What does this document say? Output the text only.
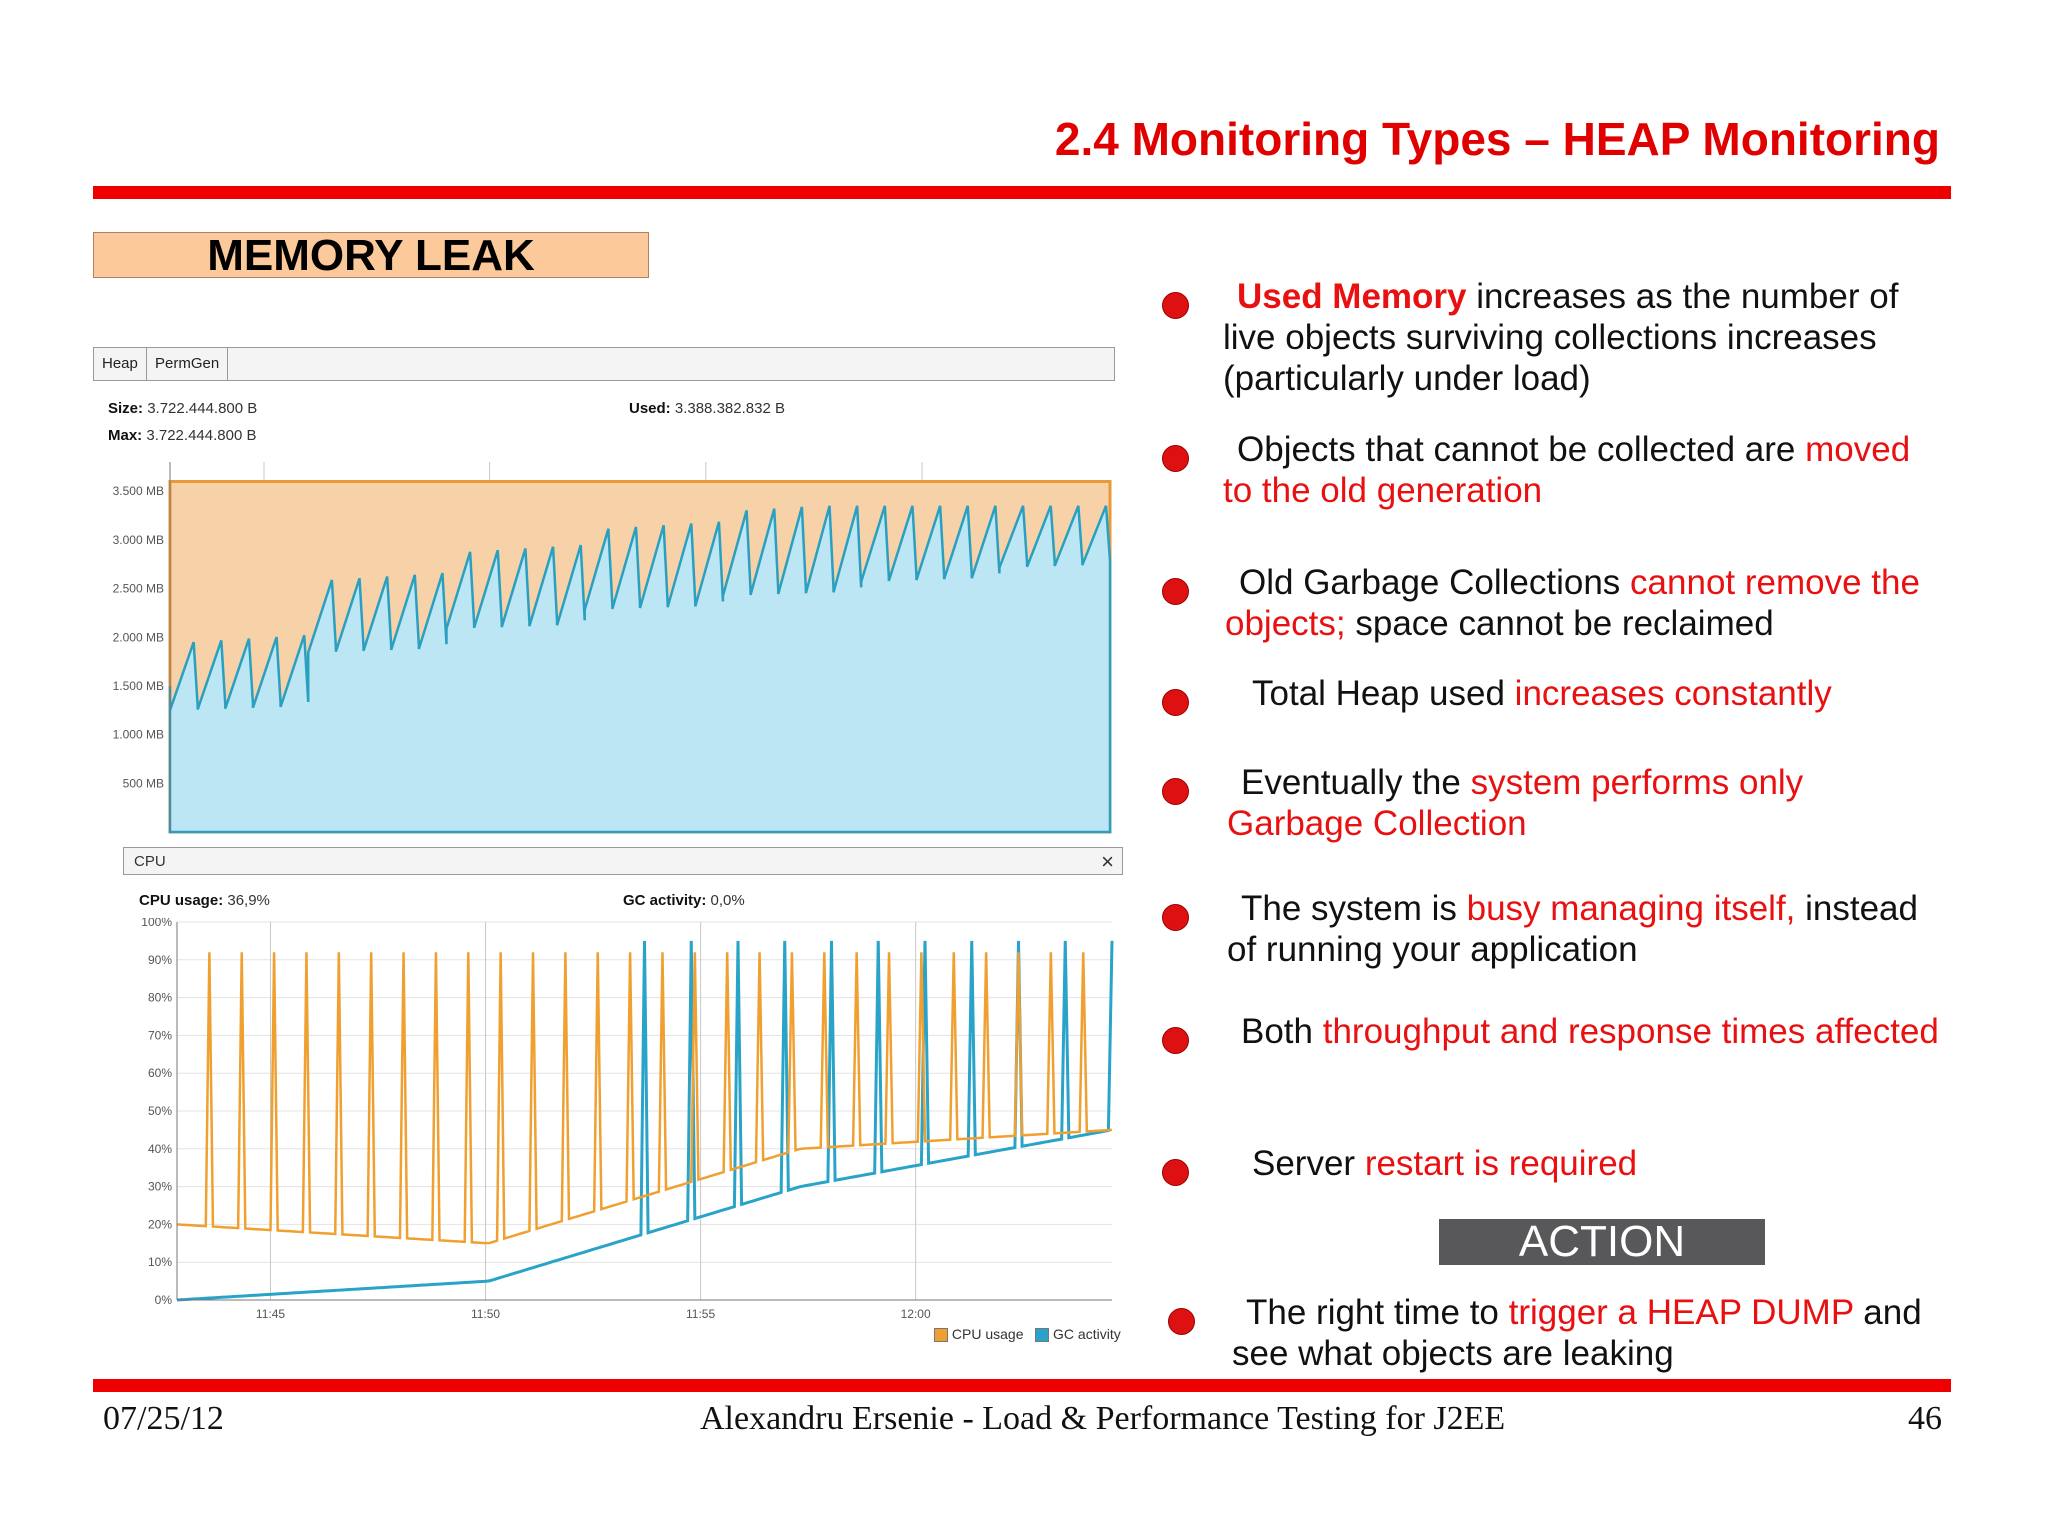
2.4 Monitoring Types – HEAP Monitoring
MEMORY LEAK
Heap	PermGen
Size: 3.722.444.800 B
Max: 3.722.444.800 B
Used: 3.388.382.832 B
3.500 MB
3.000 MB
2.500 MB
2.000 MB
1.500 MB
1.000 MB
500 MB
CPU	×
CPU usage: 36,9%	GC activity: 0,0%
100%
90%
80%
70%
60%
50%
40%
30%
20%
10%
0%
11:45	11:50	11:55	12:00
CPU usage GC activity
Used Memory increases as the number of live objects surviving collections increases (particularly under load)
Objects that cannot be collected are moved to the old generation
Old Garbage Collections cannot remove the objects; space cannot be reclaimed
Total Heap used increases constantly
Eventually the system performs only Garbage Collection
The system is busy managing itself, instead of running your application
Both throughput and response times affected
Server restart is required
The right time to trigger a HEAP DUMP and see what objects are leaking
ACTION
07/25/12	Alexandru Ersenie - Load & Performance Testing for J2EE	46
